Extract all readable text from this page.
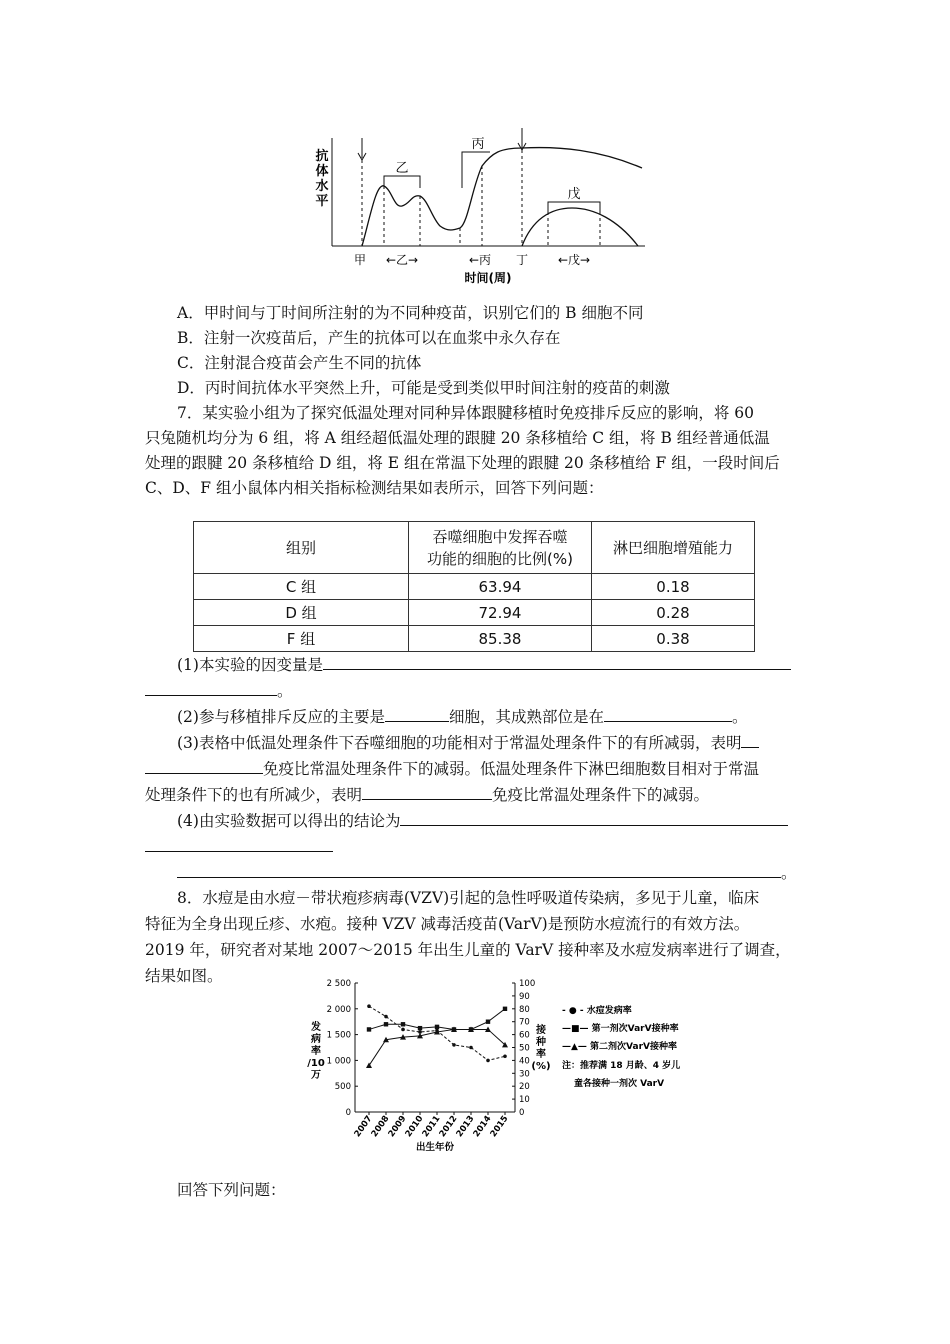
抗
体
水
平
乙
丙
戊
甲 ←乙→	←丙 丁 ←戊→
时间(周)
A．甲时间与丁时间所注射的为不同种疫苗，识别它们的 B 细胞不同
B．注射一次疫苗后，产生的抗体可以在血浆中永久存在
C．注射混合疫苗会产生不同的抗体
D．丙时间抗体水平突然上升，可能是受到类似甲时间注射的疫苗的刺激
7．某实验小组为了探究低温处理对同种异体跟腱移植时免疫排斥反应的影响，将 60
只兔随机均分为 6 组，将 A 组经超低温处理的跟腱 20 条移植给 C 组，将 B 组经普通低温
处理的跟腱 20 条移植给 D 组，将 E 组在常温下处理的跟腱 20 条移植给 F 组，一段时间后
C、D、F 组小鼠体内相关指标检测结果如表所示，回答下列问题：
组别	吞噬细胞中发挥吞噬
功能的细胞的比例(%)	淋巴细胞增殖能力
C 组	63.94	0.18
D 组	72.94	0.28
F 组	85.38	0.38
(1)本实验的因变量是
。
(2)参与移植排斥反应的主要是	细胞，其成熟部位是在	。
(3)表格中低温处理条件下吞噬细胞的功能相对于常温处理条件下的有所减弱，表明
免疫比常温处理条件下的减弱。低温处理条件下淋巴细胞数目相对于常温
处理条件下的也有所减少，表明	免疫比常温处理条件下的减弱。
(4)由实验数据可以得出的结论为
。
8．水痘是由水痘－带状疱疹病毒(VZV)引起的急性呼吸道传染病，多见于儿童，临床
特征为全身出现丘疹、水疱。接种 VZV 减毒活疫苗(VarV)是预防水痘流行的有效方法。
2019 年，研究者对某地 2007～2015 年出生儿童的 VarV 接种率及水痘发病率进行了调查，
结果如图。
0
500
1 000
1 500
2 000
2 500
0
10
20
30
40
50
60
70
80
90
100
2007
2008
2009
2010
2011
2012
2013
2014
2015
出生年份
发
病
率
/10
万
接
种
率
(%)
- ● - 水痘发病率
—■— 第一剂次VarV接种率
—▲— 第二剂次VarV接种率
注：推荐满 18 月龄、4 岁儿
童各接种一剂次 VarV
回答下列问题：
